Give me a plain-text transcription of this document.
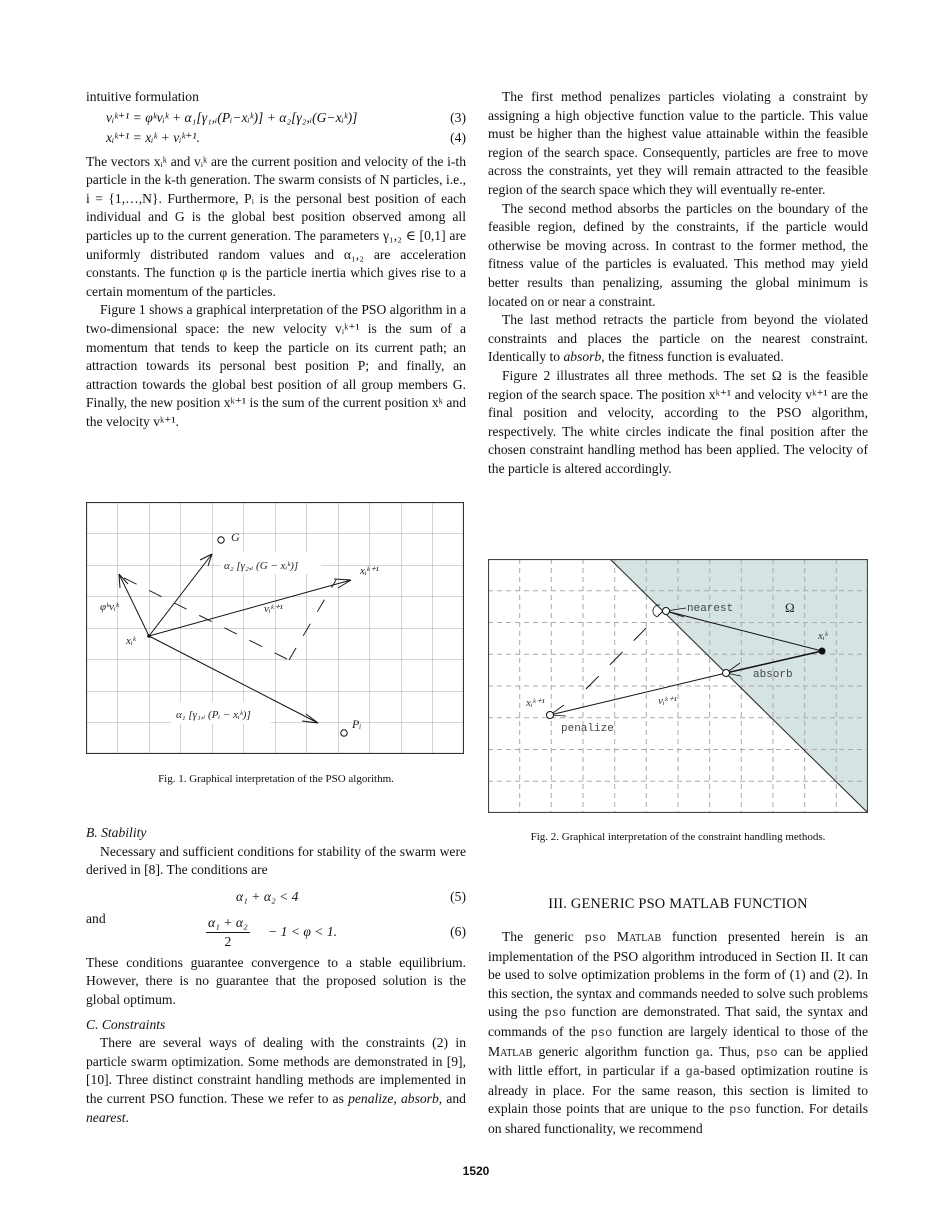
intuitive formulation

vᵢᵏ⁺¹ = φᵏvᵢᵏ + α₁[γ₁,ᵢ(Pᵢ−xᵢᵏ)] + α₂[γ₂,ᵢ(G−xᵢᵏ)]	(3)
xᵢᵏ⁺¹ = xᵢᵏ + vᵢᵏ⁺¹.	(4)

The vectors xᵢᵏ and vᵢᵏ are the current position and velocity of the i-th particle in the k-th generation. The swarm consists of N particles, i.e., i = {1,…,N}. Furthermore, Pᵢ is the personal best position of each individual and G is the global best position observed among all particles up to the current generation. The parameters γ₁,₂ ∈ [0,1] are uniformly distributed random values and α₁,₂ are acceleration constants. The function φ is the particle inertia which gives rise to a certain momentum of the particles.

Figure 1 shows a graphical interpretation of the PSO algorithm in a two-dimensional space: the new velocity vᵢᵏ⁺¹ is the sum of a momentum that tends to keep the particle on its current path; an attraction towards its personal best position P; and finally, an attraction towards the global best position of all group members G. Finally, the new position xᵏ⁺¹ is the sum of the current position xᵏ and the velocity vᵏ⁺¹.

G
α₂ [γ₂,ᵢ (G − xᵢᵏ)]	xᵢᵏ⁺¹
φᵏvᵢᵏ	vᵢᵏ⁺¹
xᵢᵏ
α₁ [γ₁,ᵢ (Pᵢ − xᵢᵏ)]
Pᵢ
Fig. 1. Graphical interpretation of the PSO algorithm.

B. Stability

Necessary and sufficient conditions for stability of the swarm were derived in [8]. The conditions are

α₁ + α₂ < 4	(5)
and	$\frac{\text{α₁ + α₂}}{2} - 1 < \varphi < 1$.	(6)

These conditions guarantee convergence to a stable equilibrium. However, there is no guarantee that the proposed solution is the global optimum.

C. Constraints

There are several ways of dealing with the constraints (2) in particle swarm optimization. Some methods are demonstrated in [9], [10]. Three distinct constraint handling methods are implemented in the current PSO function. These we refer to as penalize, absorb, and nearest.

The first method penalizes particles violating a constraint by assigning a high objective function value to the particle. This value must be higher than the highest value attainable within the feasible region of the search space. Consequently, particles are free to move across the constraints, yet they will remain attracted to the feasible region of the search space which they will eventually re-enter.

The second method absorbs the particles on the boundary of the feasible region, defined by the constraints, if the particle would otherwise be moving across. In contrast to the former method, the fitness value of the particles is evaluated. This method may yield better results than penalizing, assuming the global minimum is located on or near a constraint.

The last method retracts the particle from beyond the violated constraints and places the particle on the nearest constraint. Identically to absorb, the fitness function is evaluated.

Figure 2 illustrates all three methods. The set Ω is the feasible region of the search space. The position xᵏ⁺¹ and velocity vᵏ⁺¹ are the final position and velocity, according to the PSO algorithm, respectively. The white circles indicate the final position after the chosen constraint handling method has been applied. The velocity of the particle is altered accordingly.

nearest
absorb
penalize
Ω
xᵢᵏ
xᵢᵏ⁺¹	vᵢᵏ⁺¹
Fig. 2. Graphical interpretation of the constraint handling methods.
III. GENERIC PSO MATLAB FUNCTION

The generic pso Matlab function presented herein is an implementation of the PSO algorithm introduced in Section II. It can be used to solve optimization problems in the form of (1) and (2). In this section, the syntax and commands needed to solve such problems using the pso function are demonstrated. That said, the syntax and commands of the pso function are largely identical to those of the Matlab generic algorithm function ga. Thus, pso can be applied with little effort, in particular if a ga-based optimization routine is already in place. For the same reason, this section is limited to explain those points that are unique to the pso function. For details on shared functionality, we recommend

1520
